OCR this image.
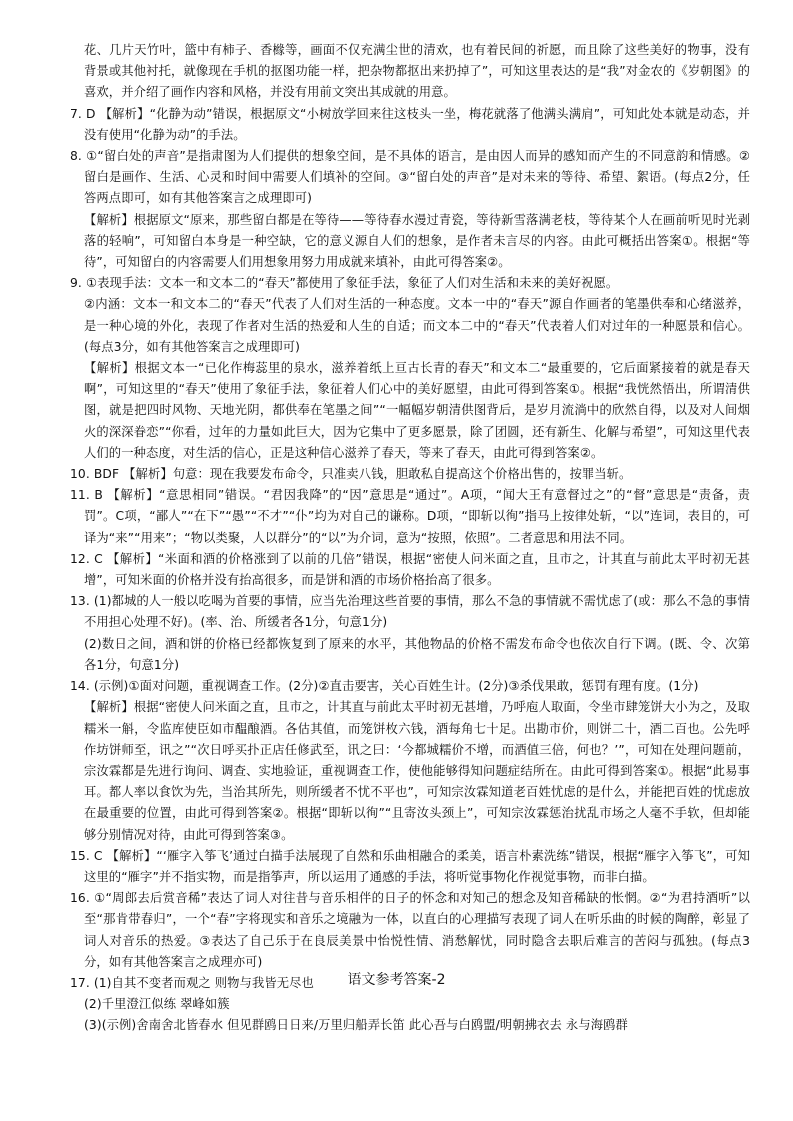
花、几片天竹叶，篮中有柿子、香橼等，画面不仅充满尘世的清欢，也有着民间的祈愿，而且除了这些美好的物事，没有背景或其他衬托，就像现在手机的抠图功能一样，把杂物都抠出来扔掉了”，可知这里表达的是“我”对金农的《岁朝图》的喜欢，并介绍了画作内容和风格，并没有用前文突出其成就的用意。

7. D 【解析】“化静为动”错误，根据原文“小树放学回来往这枝头一坐，梅花就落了他满头满肩”，可知此处本就是动态，并没有使用“化静为动”的手法。

8. ①“留白处的声音”是指肃图为人们提供的想象空间，是不具体的语言，是由因人而异的感知而产生的不同意韵和情感。②留白是画作、生活、心灵和时间中需要人们填补的空间。③“留白处的声音”是对未来的等待、希望、絮语。(每点2分，任答两点即可，如有其他答案言之成理即可)

【解析】根据原文“原来，那些留白都是在等待——等待春水漫过青瓷，等待新雪落满老枝，等待某个人在画前听见时光剥落的轻响”，可知留白本身是一种空缺，它的意义源自人们的想象，是作者未言尽的内容。由此可概括出答案①。根据“等待”，可知留白的内容需要人们用想象用努力用成就来填补，由此可得答案②。

9. ①表现手法：文本一和文本二的“春天”都使用了象征手法，象征了人们对生活和未来的美好祝愿。

②内涵：文本一和文本二的“春天”代表了人们对生活的一种态度。文本一中的“春天”源自作画者的笔墨供奉和心绪滋养，是一种心境的外化，表现了作者对生活的热爱和人生的自适；而文本二中的“春天”代表着人们对过年的一种愿景和信心。(每点3分，如有其他答案言之成理即可)

【解析】根据文本一“已化作梅蕊里的泉水，滋养着纸上亘古长青的春天”和文本二“最重要的，它后面紧接着的就是春天啊”，可知这里的“春天”使用了象征手法，象征着人们心中的美好愿望，由此可得到答案①。根据“我恍然悟出，所谓清供图，就是把四时风物、天地光阴，都供奉在笔墨之间”“一幅幅岁朝清供图背后，是岁月流淌中的欣然自得，以及对人间烟火的深深眷恋”“你看，过年的力量如此巨大，因为它集中了更多愿景，除了团圆，还有新生、化解与希望”，可知这里代表人们的一种态度，对生活的信心，正是这种信心滋养了春天，等来了春天，由此可得到答案②。

10. BDF 【解析】句意：现在我要发布命令，只准卖八钱，胆敢私自提高这个价格出售的，按罪当斩。

11. B 【解析】“意思相同”错误。“君因我降”的“因”意思是“通过”。A项，“闻大王有意督过之”的“督”意思是“责备，责罚”。C项，“鄙人”“在下”“愚”“不才”“仆”均为对自己的谦称。D项，“即斩以徇”指马上按律处斩，“以”连词，表目的，可译为“来”“用来”；“物以类聚，人以群分”的“以”为介词，意为“按照，依照”。二者意思和用法不同。

12. C 【解析】“米面和酒的价格涨到了以前的几倍”错误，根据“密使人问米面之直，且市之，计其直与前此太平时初无甚增”，可知米面的价格并没有抬高很多，而是饼和酒的市场价格抬高了很多。

13. (1)都城的人一般以吃喝为首要的事情，应当先治理这些首要的事情，那么不急的事情就不需忧虑了(或：那么不急的事情不用担心处理不好)。(率、治、所缓者各1分，句意1分)

(2)数日之间，酒和饼的价格已经都恢复到了原来的水平，其他物品的价格不需发布命令也依次自行下调。(既、令、次第各1分，句意1分)

14. (示例)①面对问题，重视调查工作。(2分)②直击要害，关心百姓生计。(2分)③杀伐果敢，惩罚有理有度。(1分)

【解析】根据“密使人问米面之直，且市之，计其直与前此太平时初无甚增，乃呼庖人取面，令坐市肆笼饼大小为之，及取糯米一斛，令监库使臣如市醖酿酒。各估其值，而笼饼枚六钱，酒每角七十足。出勘市价，则饼二十，酒二百也。公先呼作坊饼师至，讯之”“次日呼买扑正店任修武至，讯之曰：‘今都城糯价不增，而酒值三倍，何也？’”，可知在处理问题前，宗汝霖都是先进行询问、调查、实地验证，重视调查工作，使他能够得知问题症结所在。由此可得到答案①。根据“此易事耳。都人率以食饮为先，当治其所先，则所缓者不忧不平也”，可知宗汝霖知道老百姓忧虑的是什么，并能把百姓的忧虑放在最重要的位置，由此可得到答案②。根据“即斩以徇”“且寄汝头颈上”，可知宗汝霖惩治扰乱市场之人毫不手软，但却能够分别情况对待，由此可得到答案③。

15. C 【解析】“‘雁字入筝飞’通过白描手法展现了自然和乐曲相融合的柔美，语言朴素洗练”错误，根据“雁字入筝飞”，可知这里的“雁字”并不指实物，而是指筝声，所以运用了通感的手法，将听觉事物化作视觉事物，而非白描。

16. ①“周郎去后赏音稀”表达了词人对往昔与音乐相伴的日子的怀念和对知己的想念及知音稀缺的怅惘。②“为君持酒听”以至“那肯带春归”，一个“春”字将现实和音乐之境融为一体，以直白的心理描写表现了词人在听乐曲的时候的陶醉，彰显了词人对音乐的热爱。③表达了自己乐于在良辰美景中怡悦性情、消愁解忧，同时隐含去职后难言的苦闷与孤独。(每点3分，如有其他答案言之成理亦可)

17. (1)自其不变者而观之 则物与我皆无尽也

(2)千里澄江似练 翠峰如簇

(3)(示例)舍南舍北皆春水 但见群鸥日日来/万里归船弄长笛 此心吾与白鸥盟/明朝拂衣去 永与海鸥群

语文参考答案-2
